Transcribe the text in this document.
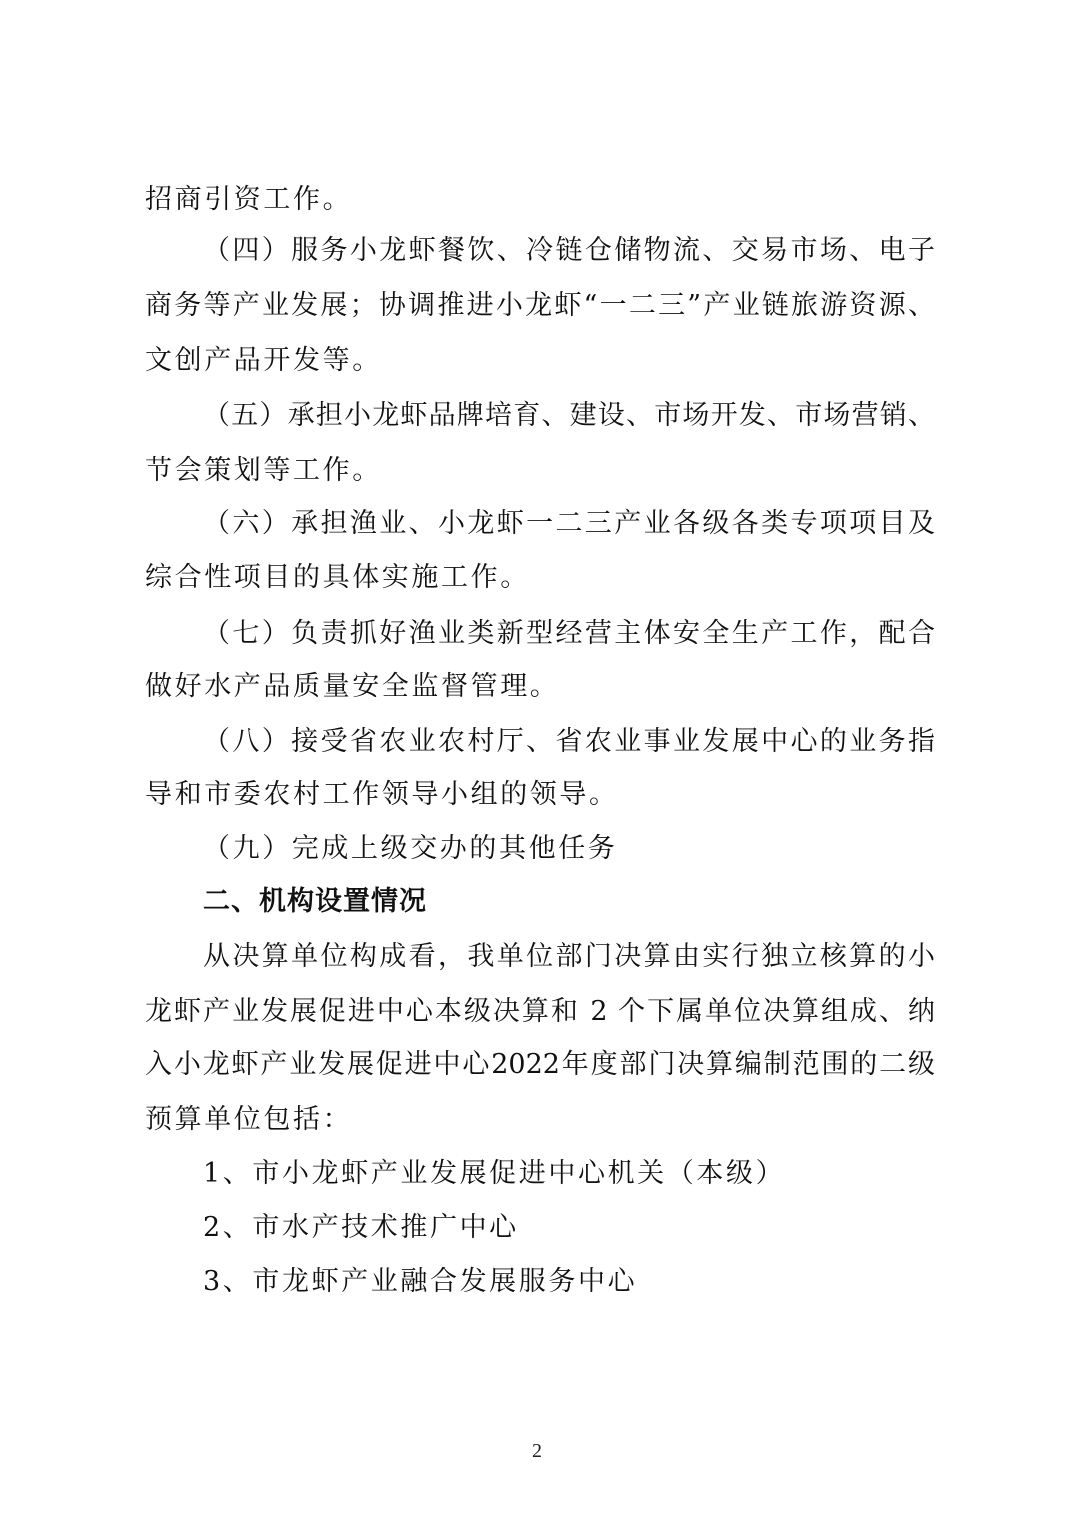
招商引资工作。
（四）服务小龙虾餐饮、冷链仓储物流、交易市场、电子
商务等产业发展；协调推进小龙虾“一二三”产业链旅游资源、
文创产品开发等。
（五）承担小龙虾品牌培育、建设、市场开发、市场营销、
节会策划等工作。
（六）承担渔业、小龙虾一二三产业各级各类专项项目及
综合性项目的具体实施工作。
（七）负责抓好渔业类新型经营主体安全生产工作，配合
做好水产品质量安全监督管理。
（八）接受省农业农村厅、省农业事业发展中心的业务指
导和市委农村工作领导小组的领导。
（九）完成上级交办的其他任务
二、机构设置情况
从决算单位构成看，我单位部门决算由实行独立核算的小
龙虾产业发展促进中心本级决算和 2 个下属单位决算组成、纳
入小龙虾产业发展促进中心2022年度部门决算编制范围的二级
预算单位包括：
1、市小龙虾产业发展促进中心机关（本级）
2、市水产技术推广中心
3、市龙虾产业融合发展服务中心
2
